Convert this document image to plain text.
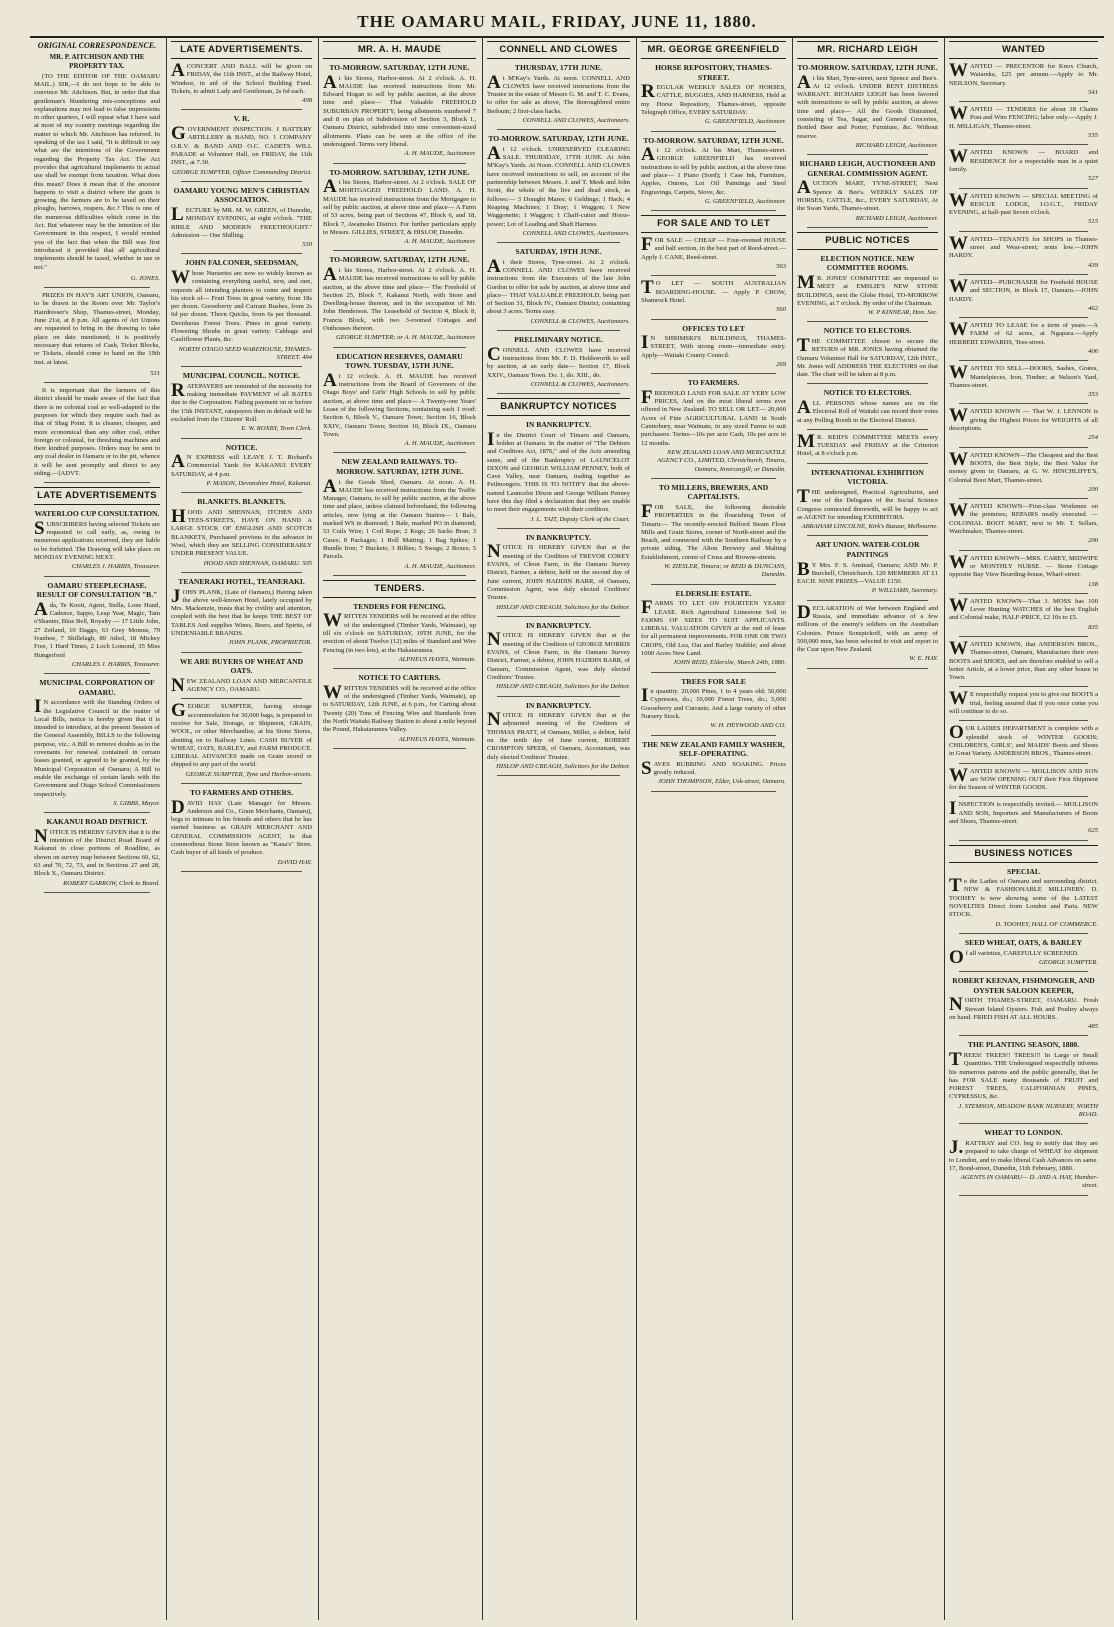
THE OAMARU MAIL, FRIDAY, JUNE 11, 1880.
ORIGINAL CORRESPONDENCE.
MR. P. AITCHISON AND THE PROPERTY TAX.
(TO THE EDITOR OF THE OAMARU MAIL.) SIR,—I do not hope to be able to convince Mr. Aitchison. But, in order that that gentleman's blundering mis-conceptions and explanations may not lead to false impressions in other quarters, I will repeat what I have said at most of my country meetings regarding the matter to which Mr. Aitchison has referred. In speaking of the tax I said, "It is difficult to say what are the intentions of the Government regarding the Property Tax Act. The Act provides that agricultural implements in actual use shall be exempt from taxation. What does this mean? Does it mean that if the ancestor happens to visit a district where the grain is growing, the farmers are to be taxed on their ploughs, harrows, reapers, &c.? This is one of the numerous difficulties which come in the Act. But whatever may be the intention of the Government in this respect, I would remind you of the fact that when the Bill was first introduced it provided that all agricultural implements should be taxed, whether in use or not."
G. JONES.
PRIZES IN HAY'S ART UNION, Oamaru, to be drawn in the Room over Mr. Taylor's Hairdresser's Shop, Thames-street, Monday, June 21st, at 8 p.m. All agents of Art Unions are requested to bring in the drawing to take place on date mentioned; it is positively necessary that returns of Cash, Ticket Blocks, or Tickets, should come to hand on the 19th inst. at latest.
531
It is important that the farmers of this district should be made aware of the fact that there is no colonial coal so well-adapted to the purposes for which they require such fuel as that of Shag Point. It is cleaner, cheaper, and more economical than any other coal, either foreign or colonial, for threshing machines and their kindred purposes. Orders may be sent to any coal dealer in Oamaru or to the pit, whence it will be sent promptly and direct to any siding.—[ADVT.
LATE ADVERTISEMENTS
WATERLOO CUP CONSULTATION.
SUBSCRIBERS having selected Tickets are requested to call early, as, owing to numerous applications received, they are liable to be forfeited. The Drawing will take place on MONDAY EVENING NEXT.
CHARLES J. HARRIS, Treasurer.
OAMARU STEEPLECHASE. RESULT OF CONSULTATION "B."
Ada, Te Kooti, Agent, Stella, Lone Hand, Cadence, Sappo, Leap Year, Magic, Tam o'Shanter, Blue Bell, Royalty — 17 Little John, 27 Zetland, 10 Daggo, 63 Grey Momus, 79 Ivanhoe, 7 Shillelagh, 89 Athol, 18 Mickey Free, 1 Hard Times, 2 Loch Lomond, 35 Miss Hungerford
CHARLES J. HARRIS, Treasurer.
MUNICIPAL CORPORATION OF OAMARU.
IN accordance with the Standing Orders of the Legislative Council in the matter of Local Bills, notice is hereby given that it is intended to introduce, at the present Session of the General Assembly, BILLS to the following purpose, viz.: A Bill to remove doubts as to the covenants for renewal contained in certain leases granted, or agreed to be granted, by the Municipal Corporation of Oamaru; A Bill to enable the exchange of certain lands with the Government and Otago School Commissioners respectively.
S. GIBBS, Mayor.
KAKANUI ROAD DISTRICT.
NOTICE IS HEREBY GIVEN that it is the intention of the District Road Board of Kakanui to close portions of Roadline, as shown on survey map between Sections 60, 62, 63 and 70, 72, 73, and in Sections 27 and 28, Block X., Oamaru District.
ROBERT GARROW, Clerk to Board.
LATE ADVERTISEMENTS.
ACONCERT AND BALL will be given on FRIDAY, the 11th INST., at the Railway Hotel, Windsor, in aid of the School Building Fund. Tickets, to admit Lady and Gentleman, 2s 6d each.
498
V. R.
GOVERNMENT INSPECTION. I BATTERY ARTILLERY & BAND, NO. 1 COMPANY O.R.V. & BAND AND O.C. CADETS WILL PARADE at Volunteer Hall, on FRIDAY, the 11th INST., at 7.30.
GEORGE SUMPTER, Officer Commanding District.
OAMARU YOUNG MEN'S CHRISTIAN ASSOCIATION.
LECTURE by MR. M. W. GREEN, of Dunedin, MONDAY EVENING, at eight o'clock. "THE BIBLE AND MODERN FREETHOUGHT." Admission — One Shilling.
530
JOHN FALCONER, SEEDSMAN,
Whose Nurseries are now so widely known as containing everything useful, new, and rare, requests all intending planters to come and inspect his stock of— Fruit Trees in great variety, from 18s per dozen. Gooseberry and Currant Bushes, from 2s 6d per dozen. Thorn Quicks, from 6s per thousand. Deciduous Forest Trees. Pines in great variety. Flowering Shrubs in great variety. Cabbage and Cauliflower Plants, &c.
NORTH OTAGO SEED WAREHOUSE, THAMES-STREET. 494
MUNICIPAL COUNCIL. NOTICE.
RATEPAYERS are reminded of the necessity for making immediate PAYMENT of all RATES due to the Corporation. Failing payment on or before the 15th INSTANT, ratepayers then in default will be excluded from the Citizens' Roll.
E. W. ROXBY, Town Clerk.
NOTICE.
AN EXPRESS will LEAVE J. T. Richard's Commercial Yards for KAKANUI EVERY SATURDAY, at 4 p.m.
P. MASON, Devonshire Hotel, Kakanui.
BLANKETS. BLANKETS.
HOOD AND SHENNAN, ITCHEN AND TEES-STREETS, HAVE ON HAND A LARGE STOCK OF ENGLISH AND SCOTCH BLANKETS, Purchased previous to the advance in Wool, which they are SELLING CONSIDERABLY UNDER PRESENT VALUE.
HOOD AND SHENNAN, OAMARU. 505
TEANERAKI HOTEL, TEANERAKI.
JOHN PLANK, (Late of Oamaru,) Having taken the above well-known Hotel, lately occupied by Mrs. Mackenzie, trusts that by civility and attention, coupled with the best that he keeps THE BEST OF TABLES And supplies Wines, Beers, and Spirits, of UNDENIABLE BRANDS.
JOHN PLANK, PROPRIETOR.
WE ARE BUYERS OF WHEAT AND OATS.
NEW ZEALAND LOAN AND MERCANTILE AGENCY CO., OAMARU.
GEORGE SUMPTER, having storage accommodation for 30,000 bags, is prepared to receive for Sale, Storage, or Shipment, GRAIN, WOOL, or other Merchandise, at his Stone Stores, abutting on to Railway Lines. CASH BUYER of WHEAT, OATS, BARLEY, and FARM PRODUCE. LIBERAL ADVANCES made on Grain stored or shipped to any part of the world.
GEORGE SUMPTER, Tyne and Harbor-streets.
TO FARMERS AND OTHERS.
DAVID HAY (Late Manager for Messrs. Anderson and Co., Grain Merchants, Oamaru), begs to intimate to his friends and others that he has started business as GRAIN MERCHANT AND GENERAL COMMISSION AGENT, In that commodious Stone Store known as "Kana's" Store. Cash buyer of all kinds of produce.
DAVID HAY.
MR. A. H. MAUDE
TO-MORROW. SATURDAY, 12TH JUNE.
At his Stores, Harbor-street. At 2 o'clock. A. H. MAUDE has received instructions from Mr. Edward Hogan to sell by public auction, at the above time and place— That Valuable FREEHOLD SUBURBAN PROPERTY, being allotments numbered 7 and 8 on plan of Subdivision of Section 3, Block I., Oamaru District, subdivided into nine convenient-sized allotments. Plans can be seen at the office of the undersigned. Terms very liberal.
A. H. MAUDE, Auctioneer.
TO-MORROW. SATURDAY, 12TH JUNE.
At his Stores, Harbor-street. At 2 o'clock. SALE OF MORTGAGED FREEHOLD LAND. A. H. MAUDE has received instructions from the Mortgagee to sell by public auction, at above time and place— A Farm of 53 acres, being part of Sections 47, Block 6, and 18, Block 7, Awamoko District. For further particulars apply to Messrs. GILLIES, STREET, & HISLOP, Dunedin.
A. H. MAUDE, Auctioneer.
TO-MORROW. SATURDAY, 12TH JUNE.
At his Stores, Harbor-street. At 2 o'clock. A. H. MAUDE has received instructions to sell by public auction, at the above time and place— The Freehold of Section 25, Block 7, Kakanui North, with Store and Dwelling-house thereon, and in the occupation of Mr. John Henderson. The Leasehold of Section 4, Block 8, Francis Block, with two 3-roomed Cottages and Outhouses thereon.
GEORGE SUMPTER; or A. H. MAUDE, Auctioneer.
EDUCATION RESERVES, OAMARU TOWN. TUESDAY, 15TH JUNE.
At 12 o'clock. A. H. MAUDE has received instructions from the Board of Governors of the Otago Boys' and Girls' High Schools to sell by public auction, at above time and place— A Twenty-one Years' Lease of the following Sections, containing each 1 rood: Section 6, Block V., Oamaru Town; Section 16, Block XXIV., Oamaru Town; Section 10, Block IX., Oamaru Town.
A. H. MAUDE, Auctioneer.
NEW ZEALAND RAILWAYS. TO-MORROW. SATURDAY, 12TH JUNE.
At the Goods Shed, Oamaru. At noon. A. H. MAUDE has received instructions from the Traffic Manager, Oamaru, to sell by public auction, at the above time and place, unless claimed beforehand, the following articles, now lying at the Oamaru Station— 1 Bale, marked WS in diamond; 1 Bale, marked PO in diamond; 53 Coils Wire; 1 Coil Rope; 2 Kegs; 26 Sacks Bran; 3 Cases; 8 Packages; 1 Roll Matting; 1 Bag Spikes; 1 Bundle Iron; 7 Buckets; 3 Billies; 5 Swags; 2 Boxes; 5 Parcels.
A. H. MAUDE, Auctioneer.
TENDERS.
TENDERS FOR FENCING.
WRITTEN TENDERS will be received at the office of the undersigned (Timber Yards, Waimate), up till six o'clock on SATURDAY, 19TH JUNE, for the erection of about Twelve (12) miles of Standard and Wire Fencing (in two lots), at the Hakataramea.
ALPHEUS HAYES, Waimate.
NOTICE TO CARTERS.
WRITTEN TENDERS will be received at the office of the undersigned (Timber Yards, Waimate), up to SATURDAY, 12th JUNE, at 6 p.m., for Carting about Twenty (20) Tons of Fencing Wire and Standards from the North Waitaki Railway Station to about a mile beyond the Pound, Hakataramea Valley.
ALPHEUS HAYES, Waimate.
CONNELL AND CLOWES
THURSDAY, 17TH JUNE.
At M'Kay's Yards. At noon. CONNELL AND CLOWES have received instructions from the Trustee in the estate of Messrs G. M. and T. C. Evans, to offer for sale as above, The thoroughbred entire Bedouin; 2 first-class hacks.
CONNELL AND CLOWES, Auctioneers.
TO-MORROW. SATURDAY, 12TH JUNE.
At 12 o'clock. UNRESERVED CLEARING SALE. THURSDAY, 17TH JUNE. At John M'Kay's Yards. At Noon. CONNELL AND CLOWES have received instructions to sell, on account of the partnership between Messrs. J. and T. Meek and John Scott, the whole of the live and dead stock, as follows:— 3 Draught Mares; 6 Geldings; 1 Hack; 4 Reaping Machines; 1 Dray; 1 Waggon; 1 New Waggonette; 1 Waggon; 1 Chaff-cutter and Horse-power; Lot of Leading and Shaft Harness.
CONNELL AND CLOWES, Auctioneers.
SATURDAY, 19TH JUNE.
At their Stores, Tyne-street. At 2 o'clock. CONNELL AND CLOWES have received instructions from the Executors of the late John Gordon to offer for sale by auction, at above time and place— THAT VALUABLE FREEHOLD, being part of Section 31, Block IV., Oamaru District, containing about 3 acres. Terms easy.
CONNELL & CLOWES, Auctioneers.
PRELIMINARY NOTICE.
CONNELL AND CLOWES have received instructions from Mr. F. D. Holdsworth to sell by auction, at an early date— Section 17, Block XXIV., Oamaru Town. Do. 1, do. XIII., do.
CONNELL & CLOWES, Auctioneers.
BANKRUPTCY NOTICES
IN BANKRUPTCY.
In the District Court of Timaru and Oamaru, holden at Oamaru. In the matter of "The Debtors and Creditors Act, 1876," and of the Acts amending same, and of the Bankruptcy of LAUNCELOT DIXON and GEORGE WILLIAM PENNEY, both of Cave Valley, near Oamaru, trading together as Feilmongers. THIS IS TO NOTIFY that the above-named Launcelot Dixon and George William Penney have this day filed a declaration that they are unable to meet their engagements with their creditors.
J. L. TAIT, Deputy Clerk of the Court.
IN BANKRUPTCY.
NOTICE IS HEREBY GIVEN that at the meeting of the Creditors of TREVOR COREY EVANS, of Cleon Farm, in the Oamaru Survey District, Farmer, a debtor, held on the second day of June current, JOHN HADDIN BARR, of Oamaru, Commission Agent, was duly elected Creditors' Trustee.
HISLOP AND CREAGH, Solicitors for the Debtor.
IN BANKRUPTCY.
NOTICE IS HEREBY GIVEN that at the meeting of the Creditors of GEORGE MORRIS EVANS, of Cleon Farm, in the Oamaru Survey District, Farmer, a debtor, JOHN HADDIN BARR, of Oamaru, Commission Agent, was duly elected Creditors' Trustee.
HISLOP AND CREAGH, Solicitors for the Debtor.
IN BANKRUPTCY.
NOTICE IS HEREBY GIVEN that at the adjourned meeting of the Creditors of THOMAS PRATT, of Oamaru, Miller, a debtor, held on the tenth day of June current, ROBERT CROMPTON SPEER, of Oamaru, Accountant, was duly elected Creditors' Trustee.
HISLOP AND CREAGH, Solicitors for the Debtor.
MR. GEORGE GREENFIELD
HORSE REPOSITORY, THAMES-STREET.
REGULAR WEEKLY SALES OF HORSES, CATTLE, BUGGIES, AND HARNESS, Held at my Horse Repository, Thames-street, opposite Telegraph Office, EVERY SATURDAY.
G. GREENFIELD, Auctioneer.
TO-MORROW. SATURDAY, 12TH JUNE.
At 12 o'clock. At his Mart, Thames-street. GEORGE GREENFIELD has received instructions to sell by public auction, at the above time and place— 1 Piano (Sord); 1 Case Ink, Furniture, Apples, Onions, Lot Oil Paintings and Steel Engravings, Carpets, Stove, &c.
G. GREENFIELD, Auctioneer.
FOR SALE AND TO LET
FOR SALE — CHEAP — Four-roomed HOUSE and half section, in the best part of Reed-street.—Apply J. CANE, Reed-street.
563
TO LET — SOUTH AUSTRALIAN BOARDING-HOUSE. — Apply P. CROW, Shamrock Hotel.
560
OFFICES TO LET
IN SHRIMSKI'S BUILDINGS, THAMES-STREET, With strong room—immediate entry. Apply—Waitaki County Council.
269
TO FARMERS.
FREEHOLD LAND FOR SALE AT VERY LOW PRICES, And on the most liberal terms ever offered in New Zealand. TO SELL OR LET— 20,000 Acres of Fine AGRICULTURAL LAND in South Canterbury, near Waimate, in any sized Farms to suit purchasers. Terms—10s per acre Cash, 10s per acre in 12 months.
NEW ZEALAND LOAN AND MERCANTILE AGENCY CO., LIMITED, Christchurch, Timaru, Oamaru, Invercargill, or Dunedin.
TO MILLERS, BREWERS, AND CAPITALISTS.
FOR SALE, the following desirable PROPERTIES in the flourishing Town of Timaru:— The recently-erected Belford Steam Flour Mills and Grain Stores, corner of North-street and the Beach, and connected with the Southern Railway by a private siding. The Alton Brewery and Malting Establishment, corner of Cross and Browne-streets.
W. ZIESLER, Timaru; or REID & DUNCANS, Dunedin.
ELDERSLIE ESTATE.
FARMS TO LET ON FOURTEEN YEARS' LEASE. Rich Agricultural Limestone Soil in FARMS OF SIZES TO SUIT APPLICANTS. LIBERAL VALUATION GIVEN at the end of lease for all permanent improvements. FOR ONE OR TWO CROPS, Old Lea, Oat and Barley Stubble; and about 1000 Acres New Land.
JOHN REID, Elderslie, March 24th, 1880.
TREES FOR SALE
In quantity. 20,000 Pines, 1 to 4 years old; 50,000 Cypresses, do.; 10,000 Forest Trees, do.; 5,000 Gooseberry and Currants; And a large variety of other Nursery Stock.
W. H. HEYWOOD AND CO.
THE NEW ZEALAND FAMILY WASHER, SELF-OPERATING.
SAVES RUBBING AND SOAKING. Prices greatly reduced.
JOHN THOMPSON, Elder, Usk-street, Oamaru.
MR. RICHARD LEIGH
TO-MORROW. SATURDAY, 12TH JUNE.
At his Mart, Tyne-street, next Spence and Bee's. At 12 o'clock. UNDER RENT DISTRESS WARRANT. RICHARD LEIGH has been favored with instructions to sell by public auction, at above time and place— All the Goods Distrained, consisting of Tea, Sugar, and General Groceries, Bottled Beer and Porter, Furniture, &c. Without reserve.
RICHARD LEIGH, Auctioneer.
RICHARD LEIGH, AUCTIONEER AND GENERAL COMMISSION AGENT.
AUCTION MART, TYNE-STREET, Next Spence & Bee's. WEEKLY SALES OF HORSES, CATTLE, &c., EVERY SATURDAY, At the Swan Yards, Thames-street.
RICHARD LEIGH, Auctioneer.
PUBLIC NOTICES
ELECTION NOTICE. NEW COMMITTEE ROOMS.
MR. JONES' COMMITTEE are requested to MEET at EMSLIE'S NEW STONE BUILDINGS, next the Globe Hotel, TO-MORROW EVENING, at 7 o'clock. By order of the Chairman.
W. P KINNEAR, Hon. Sec.
NOTICE TO ELECTORS.
THE COMMITTEE chosen to secure the RETURN of MR. JONES having obtained the Oamaru Volunteer Hall for SATURDAY, 12th INST., Mr. Jones will ADDRESS THE ELECTORS on that date. The chair will be taken at 8 p.m.
NOTICE TO ELECTORS.
ALL PERSONS whose names are on the Electoral Roll of Waitaki can record their votes at any Polling Booth in the Electoral District.
MR. REID'S COMMITTEE MEETS every TUESDAY and FRIDAY at the Criterion Hotel, at 8 o'clock p.m.
INTERNATIONAL EXHIBITION VICTORIA.
THE undersigned, Practical Agriculturist, and one of the Delegates of the Social Science Congress connected therewith, will be happy to act as AGENT for intending EXHIBITORS.
ABRAHAM LINCOLNE, Kirk's Bazaar, Melbourne.
ART UNION. WATER-COLOR PAINTINGS
BY Mrs. F. S. Anstead, Oamaru; AND Mr. P. Burchell, Christchurch. 120 MEMBERS AT £1 EACH. NINE PRIZES—VALUE £150.
P. WILLIAMS, Secretary.
DECLARATION of War between England and Russia, and immediate advance of a few millions of the enemy's soldiers on the Australian Colonies. Prince Sonspickoff, with an army of 500,000 men, has been selected to visit and report to the Czar upon New Zealand.
W. E. HAY.
WANTED
WANTED — PRECENTOR for Knox Church, Waiareka, £25 per annum.—Apply to Mr. NEILSON, Secretary.
541
WANTED — TENDERS for about 18 Chains Post and Wire FENCING; labor only.—Apply J. H. MILLIGAN, Thames-street.
535
WANTED KNOWN — BOARD and RESIDENCE for a respectable man in a quiet family.
527
WANTED KNOWN — SPECIAL MEETING of RESCUE LODGE, I.O.G.T., FRIDAY EVENING, at half-past Seven o'clock.
515
WANTED—TENANTS for SHOPS in Thames-street and Wear-street; rents low.—JOHN HARDY.
439
WANTED—PURCHASER for Freehold HOUSE and SECTION, in Block 17, Oamaru.—JOHN HARDY.
462
WANTED TO LEASE for a term of years.—A FARM of 62 acres, at Ngapara.—Apply HERBERT EDWARDS, Tees-street.
406
WANTED TO SELL—DOORS, Sashes, Grates, Mantelpieces, Iron, Timber; at Nelson's Yard, Thames-street.
353
WANTED KNOWN — That W. J. LENNON is giving the Highest Prices for WEIGHTS of all descriptions.
254
WANTED KNOWN—The Cheapest and the Best BOOTS, the Best Style, the Best Value for money given in Oamaru, at G. W. HINCHLIFFE'S, Colonial Boot Mart, Thames-street.
200
WANTED KNOWN—First-class Workmen on the premises; REPAIRS neatly executed. — COLONIAL BOOT MART, next to Mr. T. Sellars, Watchmaker, Thames-street.
200
WANTED KNOWN—MRS. CAREY, MIDWIFE or MONTHLY NURSE. — Stone Cottage opposite Bay View Boarding-house, Wharf-street.
138
WANTED KNOWN—That J. MOSS has 100 Lever Hunting WATCHES of the best English and Colonial make, HALF-PRICE, £2 10s to £5.
835
WANTED KNOWN, that ANDERSON BROS., Thames-street, Oamaru, Manufacture their own BOOTS and SHOES, and are therefore enabled to sell a better Article, at a lower price, than any other house in Town.
WE respectfully request you to give our BOOTS a trial, feeling assured that if you once come you will continue to do so.
OUR LADIES DEPARTMENT is complete with a splendid stock of WINTER GOODS; CHILDREN'S, GIRLS', and MAIDS' Boots and Shoes in Great Variety. ANDERSON BROS., Thames-street.
WANTED KNOWN — MOLLISON AND SON are NOW OPENING OUT their First Shipment for the Season of WINTER GOODS.
INSPECTION is respectfully invited.— MOLLISON AND SON, Importers and Manufacturers of Boots and Shoes, Thames-street.
625
BUSINESS NOTICES
SPECIAL
To the Ladies of Oamaru and surrounding district. NEW & FASHIONABLE MILLINERY. D. TOOHEY is now showing some of the LATEST NOVELTIES Direct from London and Paris. NEW STOCK.
D. TOOHEY, HALL OF COMMERCE.
SEED WHEAT, OATS, & BARLEY
Of all varieties, CAREFULLY SCREENED.
GEORGE SUMPTER.
ROBERT KEENAN, FISHMONGER, AND OYSTER SALOON KEEPER,
NORTH THAMES-STREET, OAMARU. Fresh Stewart Island Oysters. Fish and Poultry always on hand. FRIED FISH AT ALL HOURS.
485
THE PLANTING SEASON, 1880.
TREES! TREES!! TREES!!! In Large or Small Quantities. THE Undersigned respectfully informs his numerous patrons and the public generally, that he has FOR SALE many thousands of FRUIT and FOREST TREES, CALIFORNIAN PINES, CYPRESSUS, &c.
J. STEMSON, MEADOW BANK NURSERY, NORTH ROAD.
WHEAT TO LONDON.
J.RATTRAY and CO. beg to notify that they are prepared to take charge of WHEAT for shipment to London, and to make liberal Cash Advances on same. 17, Bond-street, Dunedin, 11th February, 1880.
AGENTS IN OAMARU— D. AND A. HAY, Humber-street.
